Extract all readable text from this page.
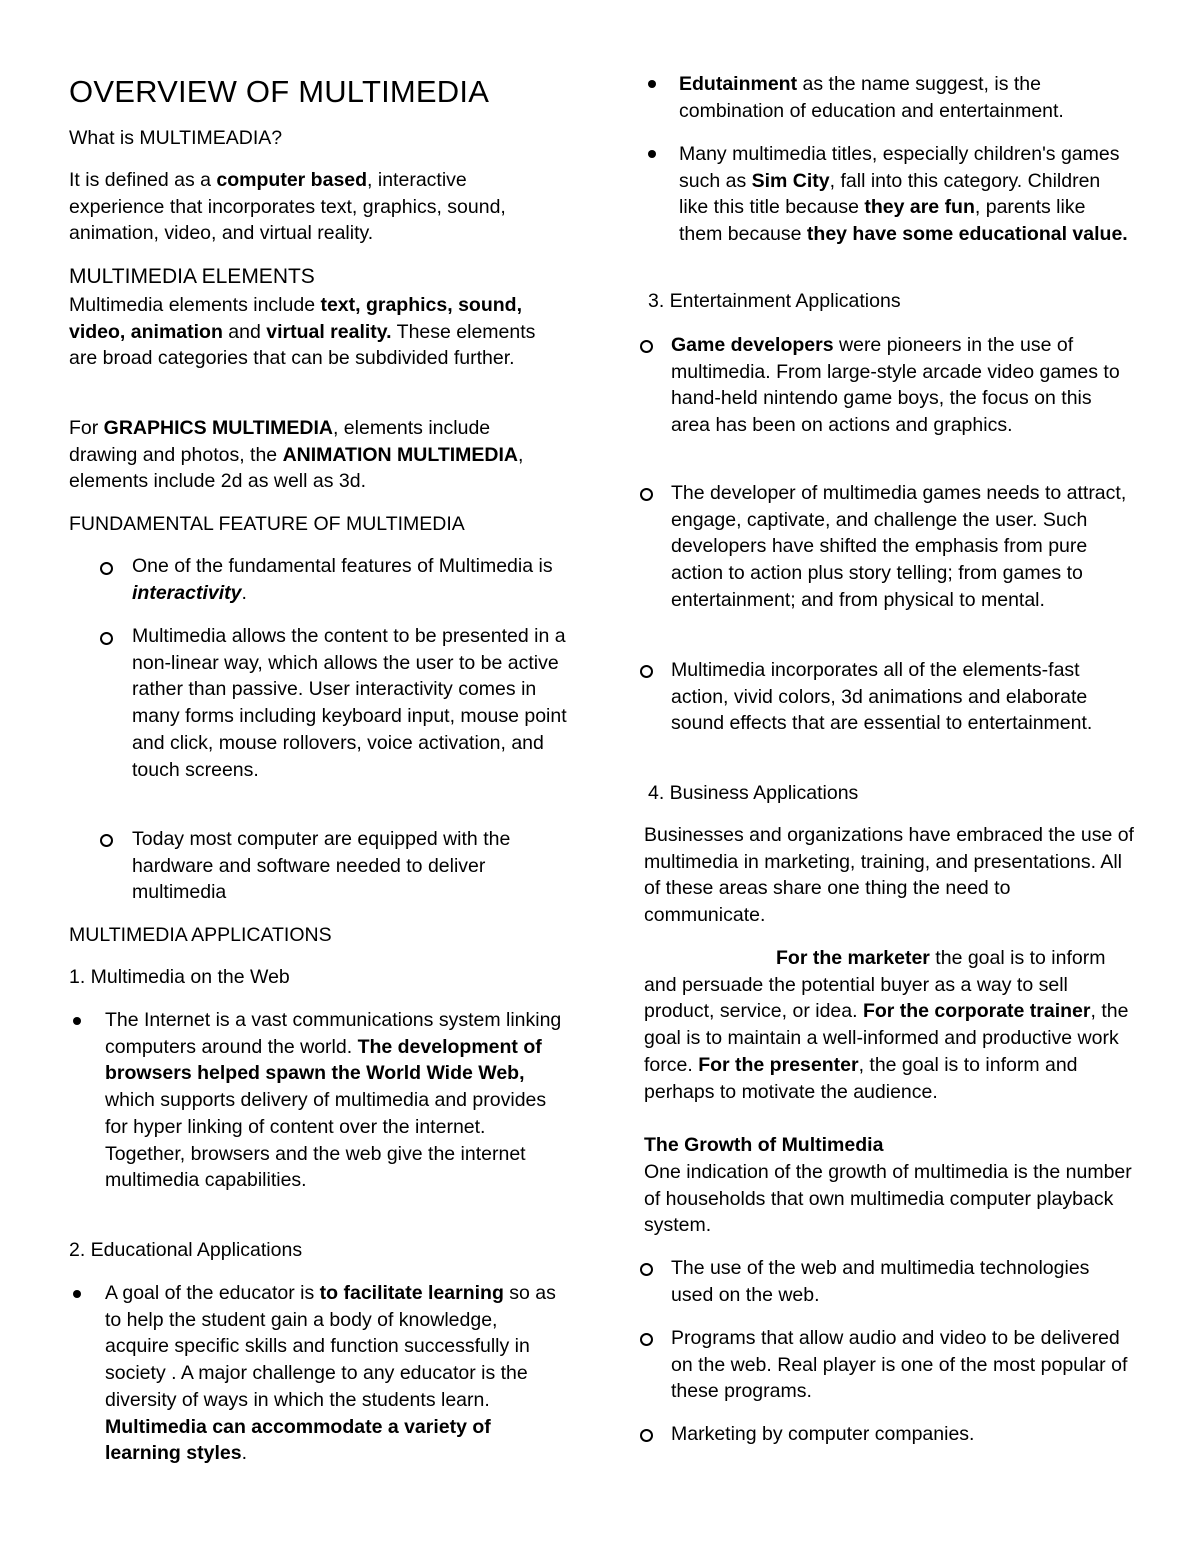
OVERVIEW OF MULTIMEDIA
What is MULTIMEADIA?

It is defined as a computer based, interactive experience that incorporates text, graphics, sound, animation, video, and virtual reality.

MULTIMEDIA ELEMENTS

Multimedia elements include text, graphics, sound, video, animation and virtual reality. These elements are broad categories that can be subdivided further.

For GRAPHICS MULTIMEDIA, elements include drawing and photos, the ANIMATION MULTIMEDIA, elements include 2d as well as 3d.

FUNDAMENTAL FEATURE OF MULTIMEDIA

One of the fundamental features of Multimedia is interactivity.

Multimedia allows the content to be presented in a non-linear way, which allows the user to be active rather than passive. User interactivity comes in many forms including keyboard input, mouse point and click, mouse rollovers, voice activation, and touch screens.

Today most computer are equipped with the hardware and software needed to deliver multimedia

MULTIMEDIA APPLICATIONS
1. Multimedia on the Web

The Internet is a vast communications system linking computers around the world. The development of browsers helped spawn the World Wide Web, which supports delivery of multimedia and provides for hyper linking of content over the internet. Together, browsers and the web give the internet multimedia capabilities.

2. Educational Applications

A goal of the educator is to facilitate learning so as to help the student gain a body of knowledge, acquire specific skills and function successfully in society . A major challenge to any educator is the diversity of ways in which the students learn. Multimedia can accommodate a variety of learning styles.

Edutainment as the name suggest, is the combination of education and entertainment.

Many multimedia titles, especially children's games such as Sim City, fall into this category. Children like this title because they are fun, parents like them because they have some educational value.

3. Entertainment Applications

Game developers were pioneers in the use of multimedia. From large-style arcade video games to hand-held nintendo game boys, the focus on this area has been on actions and graphics.

The developer of multimedia games needs to attract, engage, captivate, and challenge the user. Such developers have shifted the emphasis from pure action to action plus story telling; from games to entertainment; and from physical to mental.

Multimedia incorporates all of the elements-fast action, vivid colors, 3d animations and elaborate sound effects that are essential to entertainment.

4. Business Applications

Businesses and organizations have embraced the use of multimedia in marketing, training, and presentations. All of these areas share one thing the need to communicate.

For the marketer the goal is to inform and persuade the potential buyer as a way to sell product, service, or idea. For the corporate trainer, the goal is to maintain a well-informed and productive work force. For the presenter, the goal is to inform and perhaps to motivate the audience.

The Growth of Multimedia

One indication of the growth of multimedia is the number of households that own multimedia computer playback system.

The use of the web and multimedia technologies used on the web.

Programs that allow audio and video to be delivered on the web. Real player is one of the most popular of these programs.

Marketing by computer companies.
